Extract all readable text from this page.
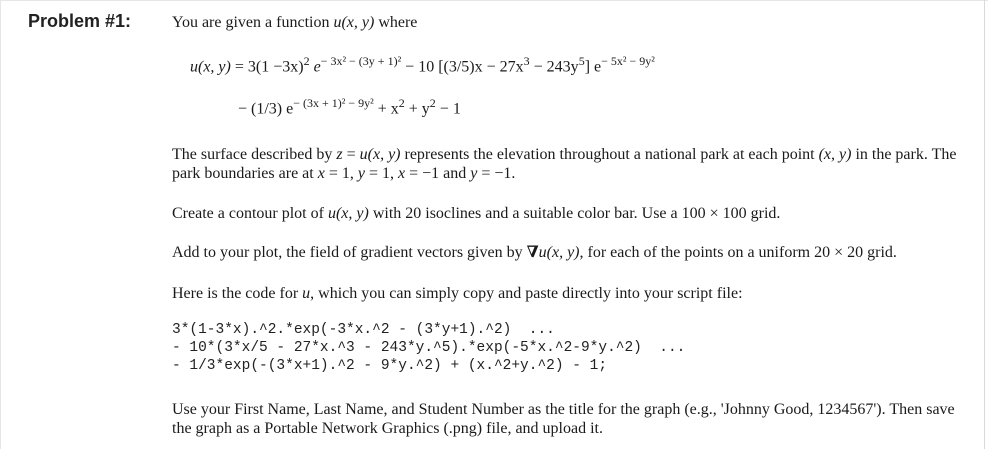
Problem #1:	You are given a function u(x, y) where
u(x, $y) = 3(1 -3x)^2$ $e^{- 3x^2 - (3y + 1)^2} - 10$ $[(3/5)x - 27x^3 - 243y^5]$ $e^{- 5x^2 - 9y^2}$
− (1/3) $e^{- (3x + 1)^2 - 9y^2} + x^2 + y^2 - 1$
The surface described by z = u(x, y) represents the elevation throughout a national park at each point (x, y) in the park. The park boundaries are at x = 1, y = 1, x = −1 and y = −1.
Create a contour plot of u(x, y) with 20 isoclines and a suitable color bar. Use a 100 × 100 grid.
Add to your plot, the field of gradient vectors given by ∇u(x, y), for each of the points on a uniform 20 × 20 grid.
Here is the code for u, which you can simply copy and paste directly into your script file:
3*(1-3*x).^2.*exp(-3*x.^2 - (3*y+1).^2)  ...
- 10*(3*x/5 - 27*x.^3 - 243*y.^5).*exp(-5*x.^2-9*y.^2)  ...
- 1/3*exp(-(3*x+1).^2 - 9*y.^2) + (x.^2+y.^2) - 1;
Use your First Name, Last Name, and Student Number as the title for the graph (e.g., 'Johnny Good, 1234567'). Then save the graph as a Portable Network Graphics (.png) file, and upload it.
